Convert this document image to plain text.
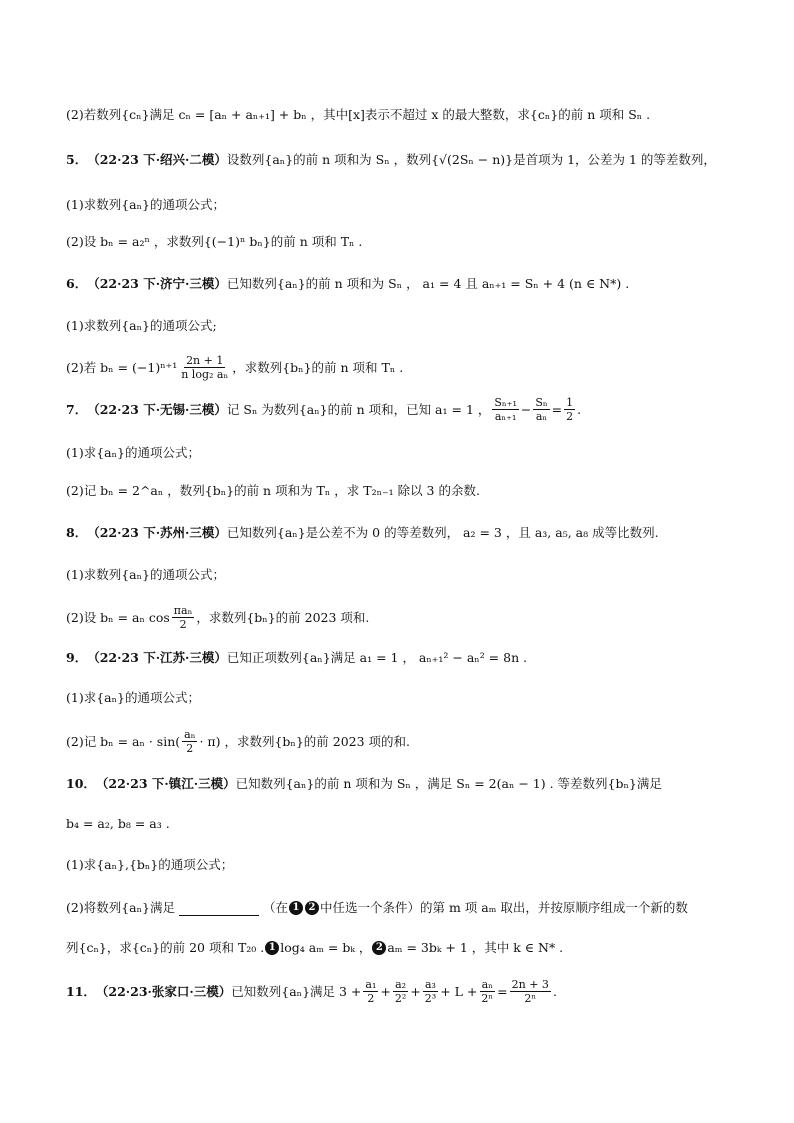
(2)若数列{cₙ}满足 cₙ = [aₙ + aₙ₊₁] + bₙ ，其中[x]表示不超过 x 的最大整数，求{cₙ}的前 n 项和 Sₙ .
5． （22·23 下·绍兴·二模） 设数列{aₙ}的前 n 项和为 Sₙ ，数列{√(2Sₙ − n)}是首项为 1，公差为 1 的等差数列，
(1)求数列{aₙ}的通项公式；
(2)设 bₙ = a₂ⁿ ，求数列{(−1)ⁿ bₙ}的前 n 项和 Tₙ .
6． （22·23 下·济宁·三模） 已知数列{aₙ}的前 n 项和为 Sₙ ， a₁ = 4 且 aₙ₊₁ = Sₙ + 4 (n ∈ N*) .
(1)求数列{aₙ}的通项公式;
(2)若 $b_n = (-1)^{n+1} \frac{2n + 1}{\text{n log₂ aₙ}}$ ，求数列{bₙ}的前 n 项和 Tₙ .
7． （22·23 下·无锡·三模） 记 Sₙ 为数列{aₙ}的前 n 项和，已知 a₁ = 1 ， $\frac{\text{Sₙ₊₁}}{\text{aₙ₊₁}} - \frac{\text{Sₙ}}{\text{aₙ}} = \frac{1}{2}$ .
(1)求{aₙ}的通项公式；
(2)记 bₙ = 2^aₙ ，数列{bₙ}的前 n 项和为 Tₙ ，求 T₂ₙ₋₁ 除以 3 的余数.
8． （22·23 下·苏州·三模） 已知数列{aₙ}是公差不为 0 的等差数列， a₂ = 3 ，且 a₃, a₅, a₈ 成等比数列.
(1)求数列{aₙ}的通项公式；
(2)设 bₙ = aₙ $\cos \frac{\text{πaₙ}}{2}$ ，求数列{bₙ}的前 2023 项和.
9． （22·23 下·江苏·三模） 已知正项数列{aₙ}满足 a₁ = 1 ， aₙ₊₁² − aₙ² = 8n .
(1)求{aₙ}的通项公式；
(2)记 $b_n = a_n \cdot \sin( \frac{\text{aₙ}}{2} \cdot \pi)$ ，求数列{bₙ}的前 2023 项的和.
10． （22·23 下·镇江·三模） 已知数列{aₙ}的前 n 项和为 Sₙ ，满足 Sₙ = 2(aₙ − 1) . 等差数列{bₙ}满足
b₄ = a₂, b₈ = a₃ .
(1)求{aₙ},{bₙ}的通项公式；
(2)将数列{aₙ}满足	（在 1 2 中任选一个条件）的第 m 项 aₘ 取出，并按原顺序组成一个新的数
列{cₙ}，求{cₙ}的前 20 项和 T₂₀ . 1 log₄ aₘ = bₖ ， 2 aₘ = 3bₖ + 1 ，其中 k ∈ N* .
11． （22·23·张家口·三模） 已知数列{aₙ}满足 $3 + \frac{\text{a₁}}{2} + \frac{\text{a₂}}{\text{2²}} + \frac{\text{a₃}}{\text{2³}} + L + \frac{\text{aₙ}}{\text{2ⁿ}} = \frac{2n + 3}{\text{2ⁿ}}$ .
